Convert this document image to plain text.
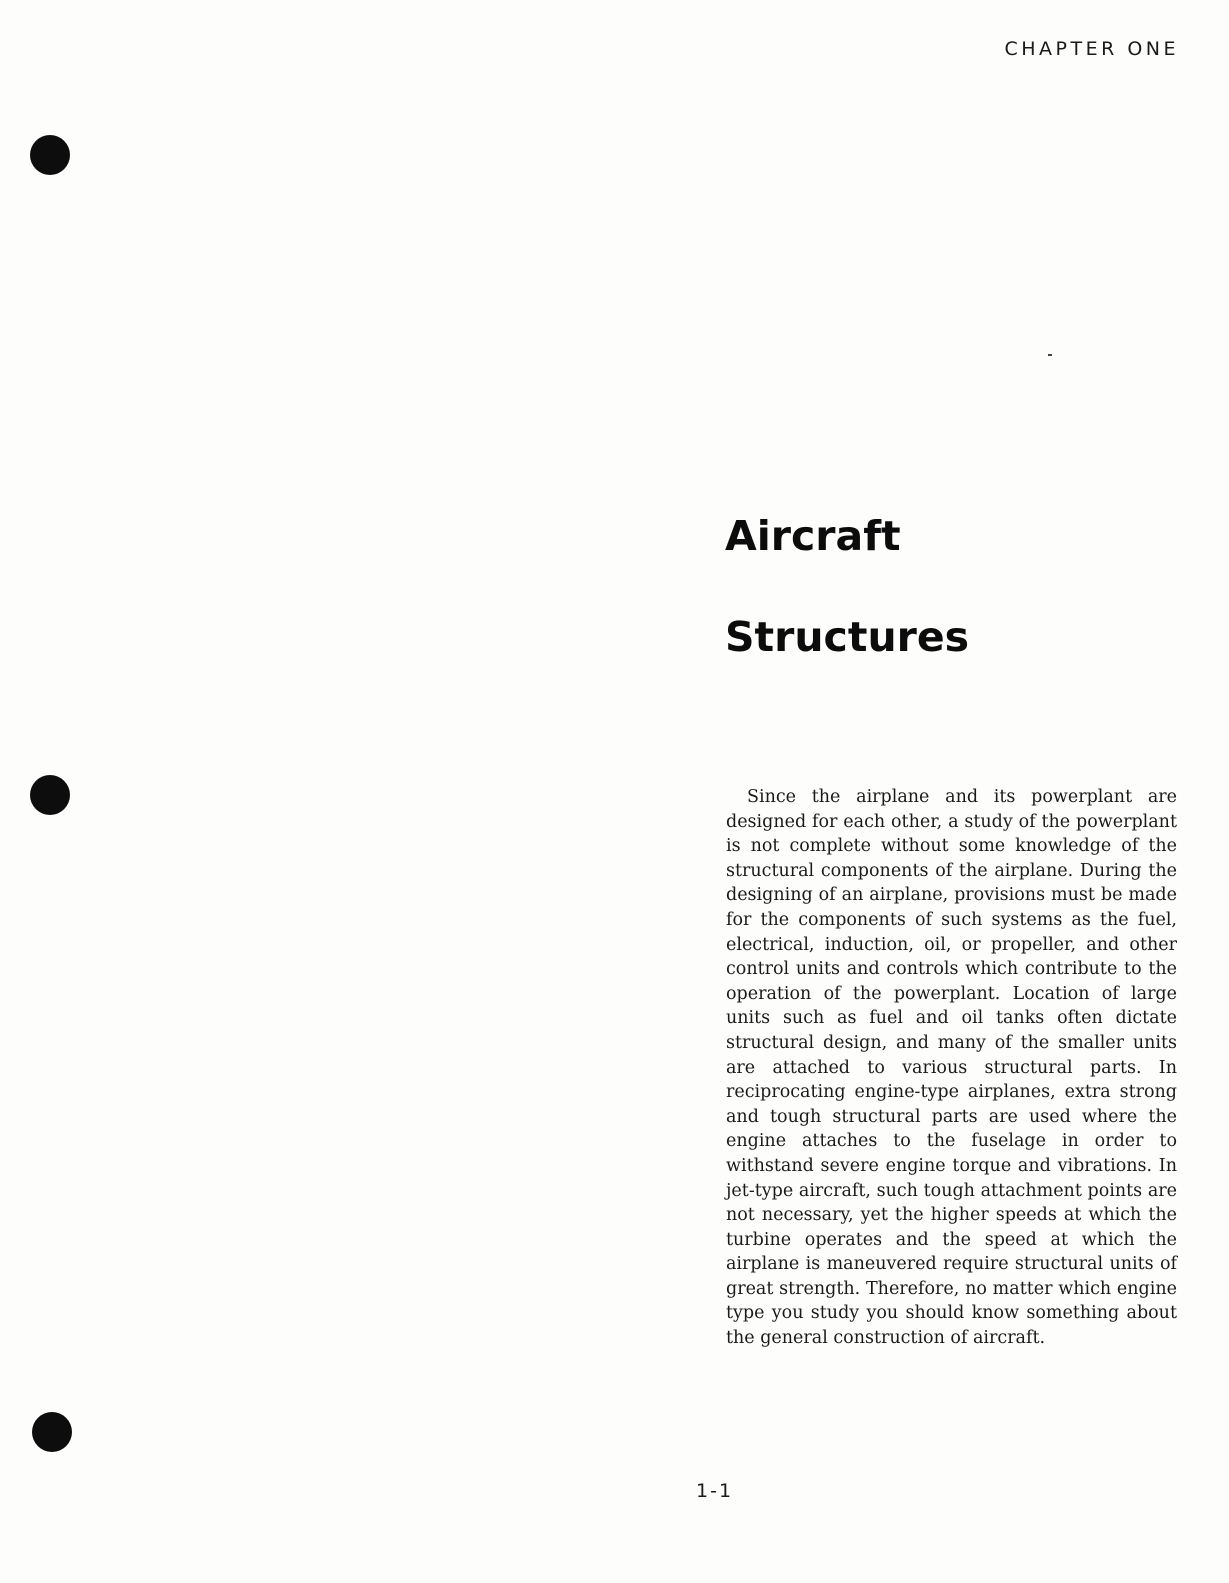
CHAPTER ONE
Aircraft
Structures

Since the airplane and its powerplant are designed for each other, a study of the powerplant is not complete without some knowledge of the structural components of the airplane. During the designing of an airplane, provisions must be made for the components of such systems as the fuel, electrical, induction, oil, or propeller, and other control units and controls which contribute to the operation of the powerplant. Location of large units such as fuel and oil tanks often dictate structural design, and many of the smaller units are attached to various structural parts. In reciprocating engine-type airplanes, extra strong and tough structural parts are used where the engine attaches to the fuselage in order to withstand severe engine torque and vibrations. In jet-type aircraft, such tough attachment points are not necessary, yet the higher speeds at which the turbine operates and the speed at which the airplane is maneuvered require structural units of great strength. Therefore, no matter which engine type you study you should know something about the general construction of aircraft.

1-1
